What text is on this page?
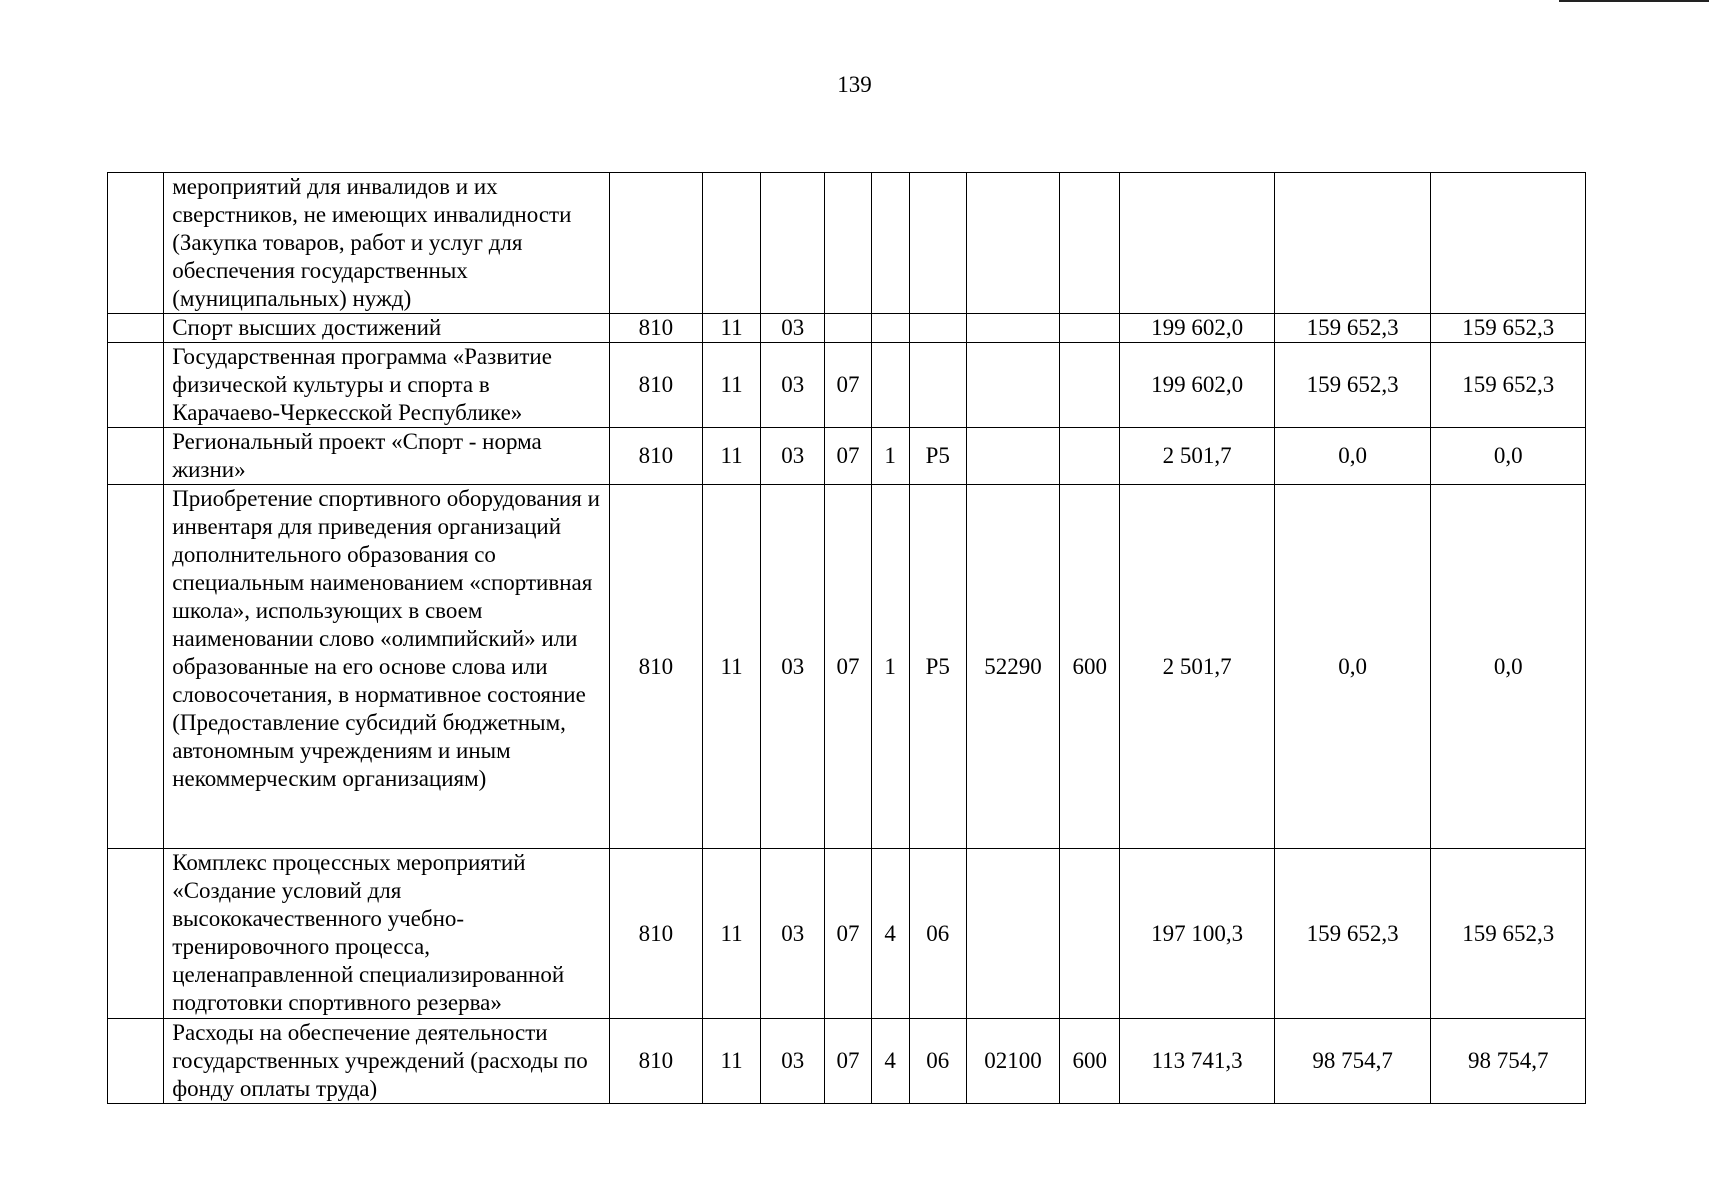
139
	мероприятий для инвалидов и их сверстников, не имеющих инвалидности (Закупка товаров, работ и услуг для обеспечения государственных (муниципальных) нужд)											
	Спорт высших достижений	810	11	03						199 602,0	159 652,3	159 652,3
	Государственная программа «Развитие физической культуры и спорта в Карачаево-Черкесской Республике»	810	11	03	07					199 602,0	159 652,3	159 652,3
	Региональный проект «Спорт - норма жизни»	810	11	03	07	1	Р5			2 501,7	0,0	0,0
	Приобретение спортивного оборудования и инвентаря для приведения организаций дополнительного образования со специальным наименованием «спортивная школа», использующих в своем наименовании слово «олимпийский» или образованные на его основе слова или словосочетания, в нормативное состояние (Предоставление субсидий бюджетным, автономным учреждениям и иным некоммерческим организациям)	810	11	03	07	1	Р5	52290	600	2 501,7	0,0	0,0
	Комплекс процессных мероприятий «Создание условий для высококачественного учебно-тренировочного процесса, целенаправленной специализированной подготовки спортивного резерва»	810	11	03	07	4	06			197 100,3	159 652,3	159 652,3
	Расходы на обеспечение деятельности государственных учреждений (расходы по фонду оплаты труда)	810	11	03	07	4	06	02100	600	113 741,3	98 754,7	98 754,7
